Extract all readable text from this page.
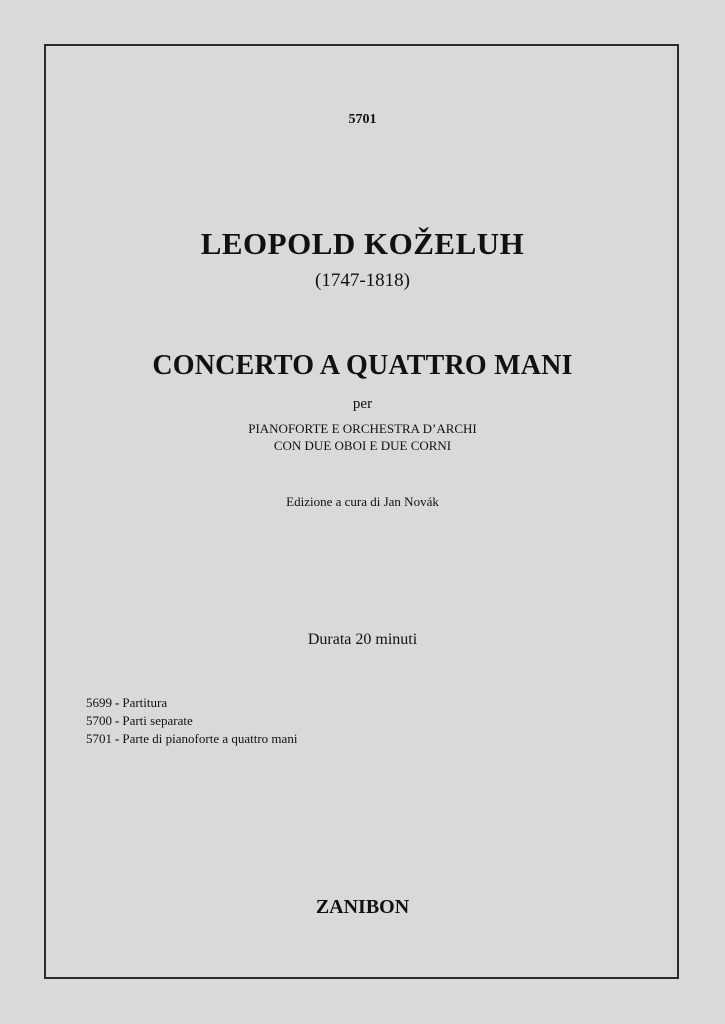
5701
LEOPOLD KOŽELUH
(1747-1818)
CONCERTO A QUATTRO MANI
per
PIANOFORTE E ORCHESTRA D’ARCHI
CON DUE OBOI E DUE CORNI
Edizione a cura di Jan Novák
Durata 20 minuti
5699 - Partitura
5700 - Parti separate
5701 - Parte di pianoforte a quattro mani
ZANIBON
